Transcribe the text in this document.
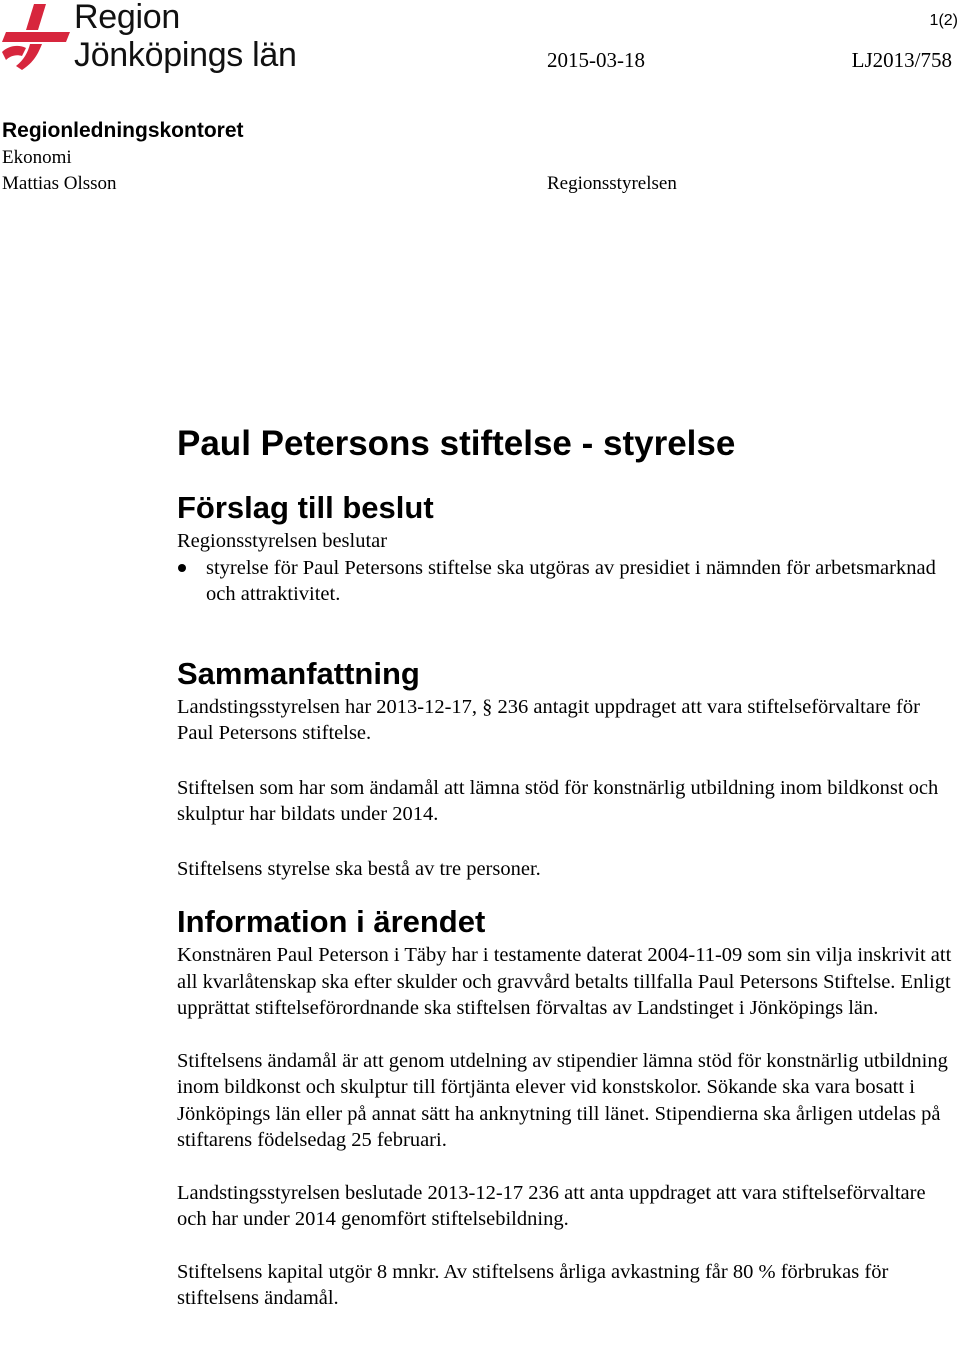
Region
Jönköpings län
1(2)
2015-03-18	LJ2013/758
Regionledningskontoret
Ekonomi
Mattias Olsson	Regionsstyrelsen
Paul Petersons stiftelse - styrelse
Förslag till beslut

Regionsstyrelsen beslutar

styrelse för Paul Petersons stiftelse ska utgöras av presidiet i nämnden för arbetsmarknad och attraktivitet.
Sammanfattning

Landstingsstyrelsen har 2013-12-17, § 236 antagit uppdraget att vara stiftelseförvaltare för Paul Petersons stiftelse.

Stiftelsen som har som ändamål att lämna stöd för konstnärlig utbildning inom bildkonst och skulptur har bildats under 2014.

Stiftelsens styrelse ska bestå av tre personer.

Information i ärendet

Konstnären Paul Peterson i Täby har i testamente daterat 2004-11-09 som sin vilja inskrivit att all kvarlåtenskap ska efter skulder och gravvård betalts tillfalla Paul Petersons Stiftelse. Enligt upprättat stiftelseförordnande ska stiftelsen förvaltas av Landstinget i Jönköpings län.

Stiftelsens ändamål är att genom utdelning av stipendier lämna stöd för konstnärlig utbildning inom bildkonst och skulptur till förtjänta elever vid konstskolor. Sökande ska vara bosatt i Jönköpings län eller på annat sätt ha anknytning till länet. Stipendierna ska årligen utdelas på stiftarens födelsedag 25 februari.

Landstingsstyrelsen beslutade 2013-12-17 236 att anta uppdraget att vara stiftelseförvaltare och har under 2014 genomfört stiftelsebildning.

Stiftelsens kapital utgör 8 mnkr. Av stiftelsens årliga avkastning får 80 % förbrukas för stiftelsens ändamål.
